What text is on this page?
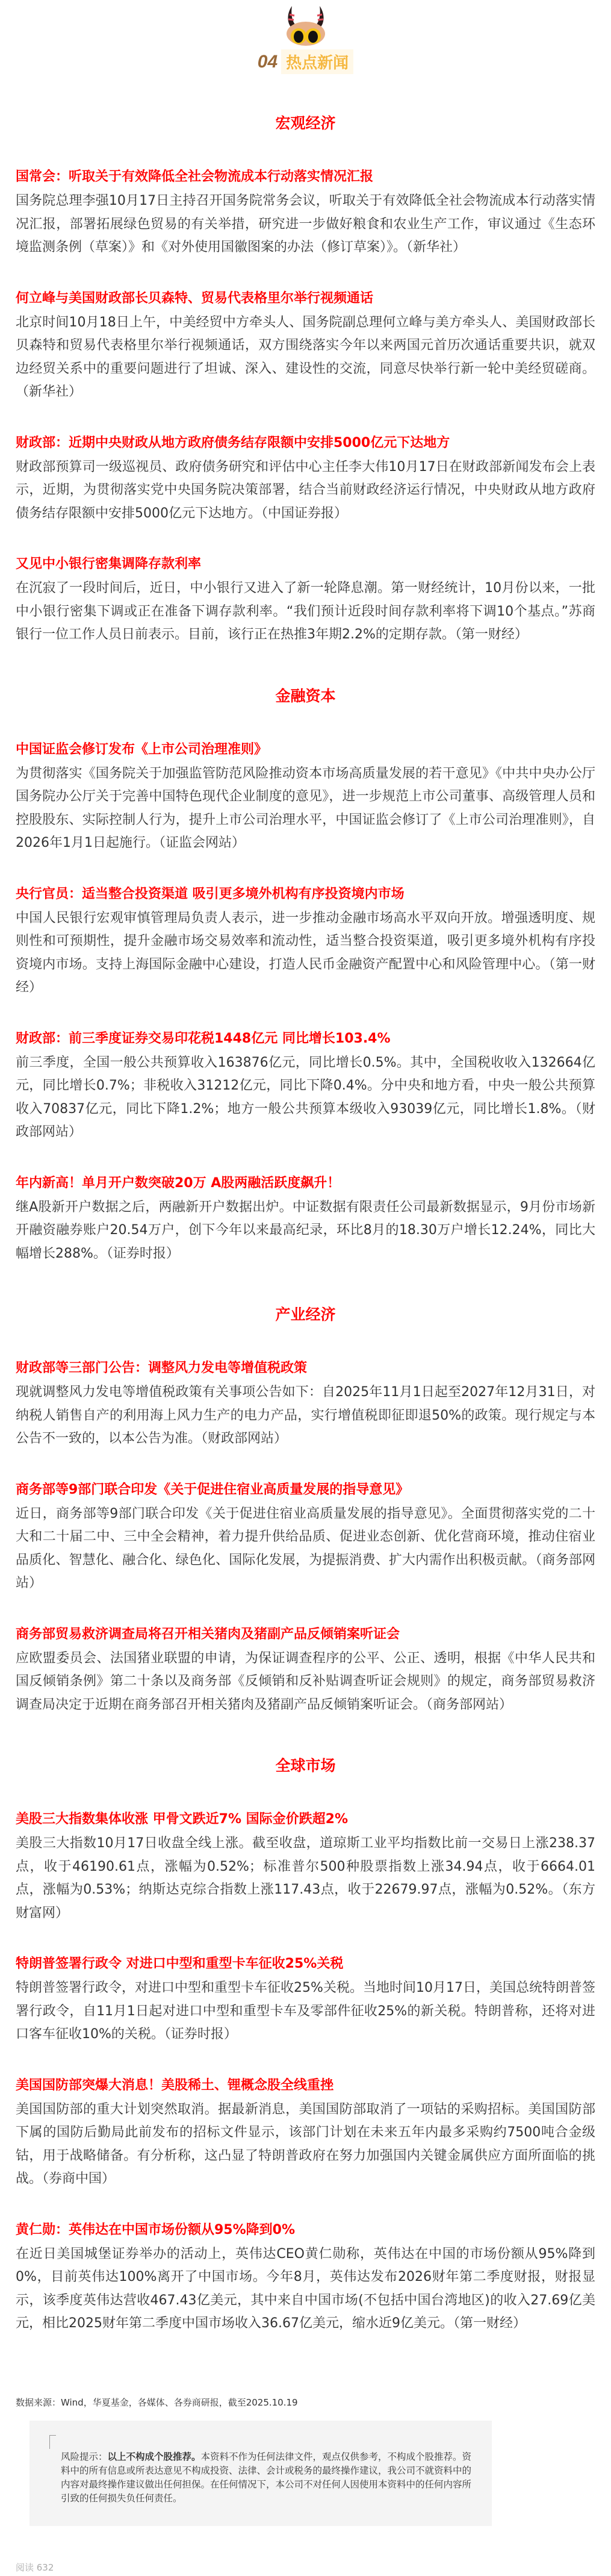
04 热点新闻
宏观经济
国常会：听取关于有效降低全社会物流成本行动落实情况汇报
国务院总理李强10月17日主持召开国务院常务会议，听取关于有效降低全社会物流成本行动落实情况汇报，部署拓展绿色贸易的有关举措，研究进一步做好粮食和农业生产工作，审议通过《生态环境监测条例（草案）》和《对外使用国徽图案的办法（修订草案）》。（新华社）
何立峰与美国财政部长贝森特、贸易代表格里尔举行视频通话
北京时间10月18日上午，中美经贸中方牵头人、国务院副总理何立峰与美方牵头人、美国财政部长贝森特和贸易代表格里尔举行视频通话，双方围绕落实今年以来两国元首历次通话重要共识，就双边经贸关系中的重要问题进行了坦诚、深入、建设性的交流，同意尽快举行新一轮中美经贸磋商。（新华社）
财政部：近期中央财政从地方政府债务结存限额中安排5000亿元下达地方
财政部预算司一级巡视员、政府债务研究和评估中心主任李大伟10月17日在财政部新闻发布会上表示，近期，为贯彻落实党中央国务院决策部署，结合当前财政经济运行情况，中央财政从地方政府债务结存限额中安排5000亿元下达地方。（中国证券报）
又见中小银行密集调降存款利率
在沉寂了一段时间后，近日，中小银行又进入了新一轮降息潮。第一财经统计，10月份以来，一批中小银行密集下调或正在准备下调存款利率。“我们预计近段时间存款利率将下调10个基点。”苏商银行一位工作人员日前表示。目前，该行正在热推3年期2.2%的定期存款。（第一财经）
金融资本
中国证监会修订发布《上市公司治理准则》
为贯彻落实《国务院关于加强监管防范风险推动资本市场高质量发展的若干意见》《中共中央办公厅国务院办公厅关于完善中国特色现代企业制度的意见》，进一步规范上市公司董事、高级管理人员和控股股东、实际控制人行为，提升上市公司治理水平，中国证监会修订了《上市公司治理准则》，自2026年1月1日起施行。（证监会网站）
央行官员：适当整合投资渠道 吸引更多境外机构有序投资境内市场
中国人民银行宏观审慎管理局负责人表示，进一步推动金融市场高水平双向开放。增强透明度、规则性和可预期性，提升金融市场交易效率和流动性，适当整合投资渠道，吸引更多境外机构有序投资境内市场。支持上海国际金融中心建设，打造人民币金融资产配置中心和风险管理中心。（第一财经）
财政部：前三季度证券交易印花税1448亿元 同比增长103.4%
前三季度，全国一般公共预算收入163876亿元，同比增长0.5%。其中，全国税收收入132664亿元，同比增长0.7%；非税收入31212亿元，同比下降0.4%。分中央和地方看，中央一般公共预算收入70837亿元，同比下降1.2%；地方一般公共预算本级收入93039亿元，同比增长1.8%。（财政部网站）
年内新高！单月开户数突破20万 A股两融活跃度飙升！
继A股新开户数据之后，两融新开户数据出炉。中证数据有限责任公司最新数据显示，9月份市场新开融资融券账户20.54万户，创下今年以来最高纪录，环比8月的18.30万户增长12.24%，同比大幅增长288%。（证券时报）
产业经济
财政部等三部门公告：调整风力发电等增值税政策
现就调整风力发电等增值税政策有关事项公告如下：自2025年11月1日起至2027年12月31日，对纳税人销售自产的利用海上风力生产的电力产品，实行增值税即征即退50%的政策。现行规定与本公告不一致的，以本公告为准。（财政部网站）
商务部等9部门联合印发《关于促进住宿业高质量发展的指导意见》
近日，商务部等9部门联合印发《关于促进住宿业高质量发展的指导意见》。全面贯彻落实党的二十大和二十届二中、三中全会精神，着力提升供给品质、促进业态创新、优化营商环境，推动住宿业品质化、智慧化、融合化、绿色化、国际化发展，为提振消费、扩大内需作出积极贡献。（商务部网站）
商务部贸易救济调查局将召开相关猪肉及猪副产品反倾销案听证会
应欧盟委员会、法国猪业联盟的申请，为保证调查程序的公平、公正、透明，根据《中华人民共和国反倾销条例》第二十条以及商务部《反倾销和反补贴调查听证会规则》的规定，商务部贸易救济调查局决定于近期在商务部召开相关猪肉及猪副产品反倾销案听证会。（商务部网站）
全球市场
美股三大指数集体收涨 甲骨文跌近7% 国际金价跌超2%
美股三大指数10月17日收盘全线上涨。截至收盘，道琼斯工业平均指数比前一交易日上涨238.37点，收于46190.61点，涨幅为0.52%；标准普尔500种股票指数上涨34.94点，收于6664.01点，涨幅为0.53%；纳斯达克综合指数上涨117.43点，收于22679.97点，涨幅为0.52%。（东方财富网）
特朗普签署行政令 对进口中型和重型卡车征收25%关税
特朗普签署行政令，对进口中型和重型卡车征收25%关税。当地时间10月17日，美国总统特朗普签署行政令，自11月1日起对进口中型和重型卡车及零部件征收25%的新关税。特朗普称，还将对进口客车征收10%的关税。（证券时报）
美国国防部突爆大消息！美股稀土、锂概念股全线重挫
美国国防部的重大计划突然取消。据最新消息，美国国防部取消了一项钴的采购招标。美国国防部下属的国防后勤局此前发布的招标文件显示，该部门计划在未来五年内最多采购约7500吨合金级钴，用于战略储备。有分析称，这凸显了特朗普政府在努力加强国内关键金属供应方面所面临的挑战。（券商中国）
黄仁勋：英伟达在中国市场份额从95%降到0%
在近日美国城堡证券举办的活动上，英伟达CEO黄仁勋称，英伟达在中国的市场份额从95%降到0%，目前英伟达100%离开了中国市场。今年8月，英伟达发布2026财年第二季度财报，财报显示，该季度英伟达营收467.43亿美元，其中来自中国市场(不包括中国台湾地区)的收入27.69亿美元，相比2025财年第二季度中国市场收入36.67亿美元，缩水近9亿美元。（第一财经）
数据来源：Wind，华夏基金，各媒体、各券商研报，截至2025.10.19
风险提示：以上不构成个股推荐。本资料不作为任何法律文件，观点仅供参考，不构成个股推荐。资料中的所有信息或所表达意见不构成投资、法律、会计或税务的最终操作建议，我公司不就资料中的内容对最终操作建议做出任何担保。在任何情况下，本公司不对任何人因使用本资料中的任何内容所引致的任何损失负任何责任。
阅读 632
